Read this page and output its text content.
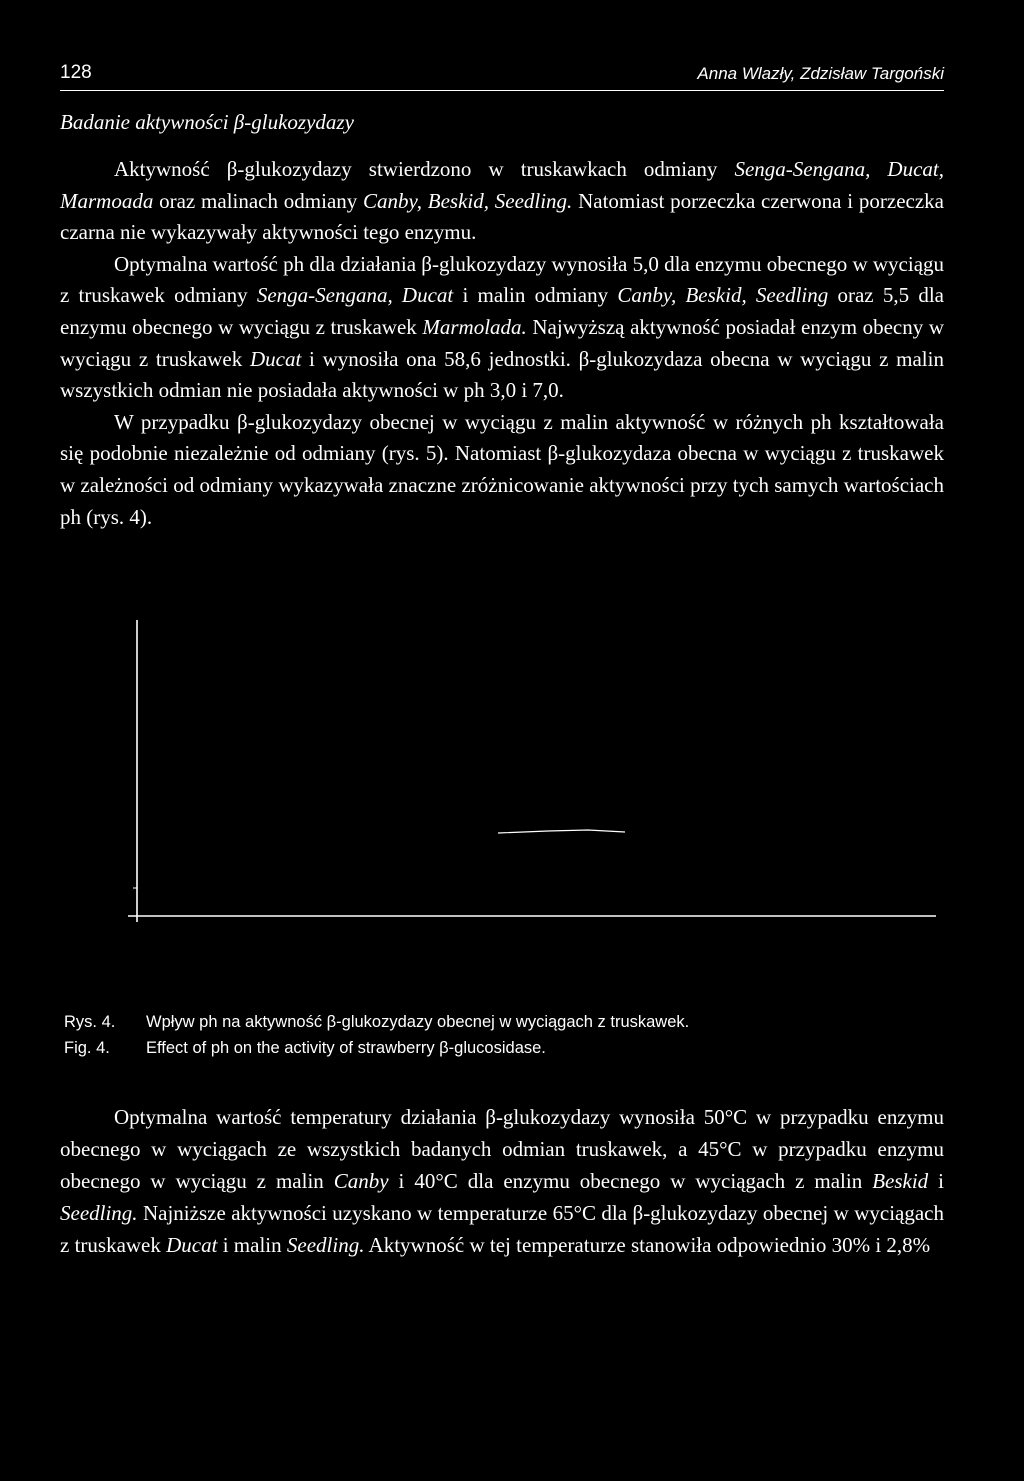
128	Anna Wlazły, Zdzisław Targoński
Badanie aktywności β-glukozydazy

Aktywność β-glukozydazy stwierdzono w truskawkach odmiany Senga-Sengana, Ducat, Marmoada oraz malinach odmiany Canby, Beskid, Seedling. Natomiast porzeczka czerwona i porzeczka czarna nie wykazywały aktywności tego enzymu.

Optymalna wartość ph dla działania β-glukozydazy wynosiła 5,0 dla enzymu obecnego w wyciągu z truskawek odmiany Senga-Sengana, Ducat i malin odmiany Canby, Beskid, Seedling oraz 5,5 dla enzymu obecnego w wyciągu z truskawek Marmolada. Najwyższą aktywność posiadał enzym obecny w wyciągu z truskawek Ducat i wynosiła ona 58,6 jednostki. β-glukozydaza obecna w wyciągu z malin wszystkich odmian nie posiadała aktywności w ph 3,0 i 7,0.

W przypadku β-glukozydazy obecnej w wyciągu z malin aktywność w różnych ph kształtowała się podobnie niezależnie od odmiany (rys. 5). Natomiast β-glukozydaza obecna w wyciągu z truskawek w zależności od odmiany wykazywała znaczne zróżnicowanie aktywności przy tych samych wartościach ph (rys. 4).

Rys. 4.	Wpływ ph na aktywność β-glukozydazy obecnej w wyciągach z truskawek.
Fig. 4.	Effect of ph on the activity of strawberry β-glucosidase.

Optymalna wartość temperatury działania β-glukozydazy wynosiła 50°C w przypadku enzymu obecnego w wyciągach ze wszystkich badanych odmian truskawek, a 45°C w przypadku enzymu obecnego w wyciągu z malin Canby i 40°C dla enzymu obecnego w wyciągach z malin Beskid i Seedling. Najniższe aktywności uzyskano w temperaturze 65°C dla β-glukozydazy obecnej w wyciągach z truskawek Ducat i malin Seedling. Aktywność w tej temperaturze stanowiła odpowiednio 30% i 2,8%
